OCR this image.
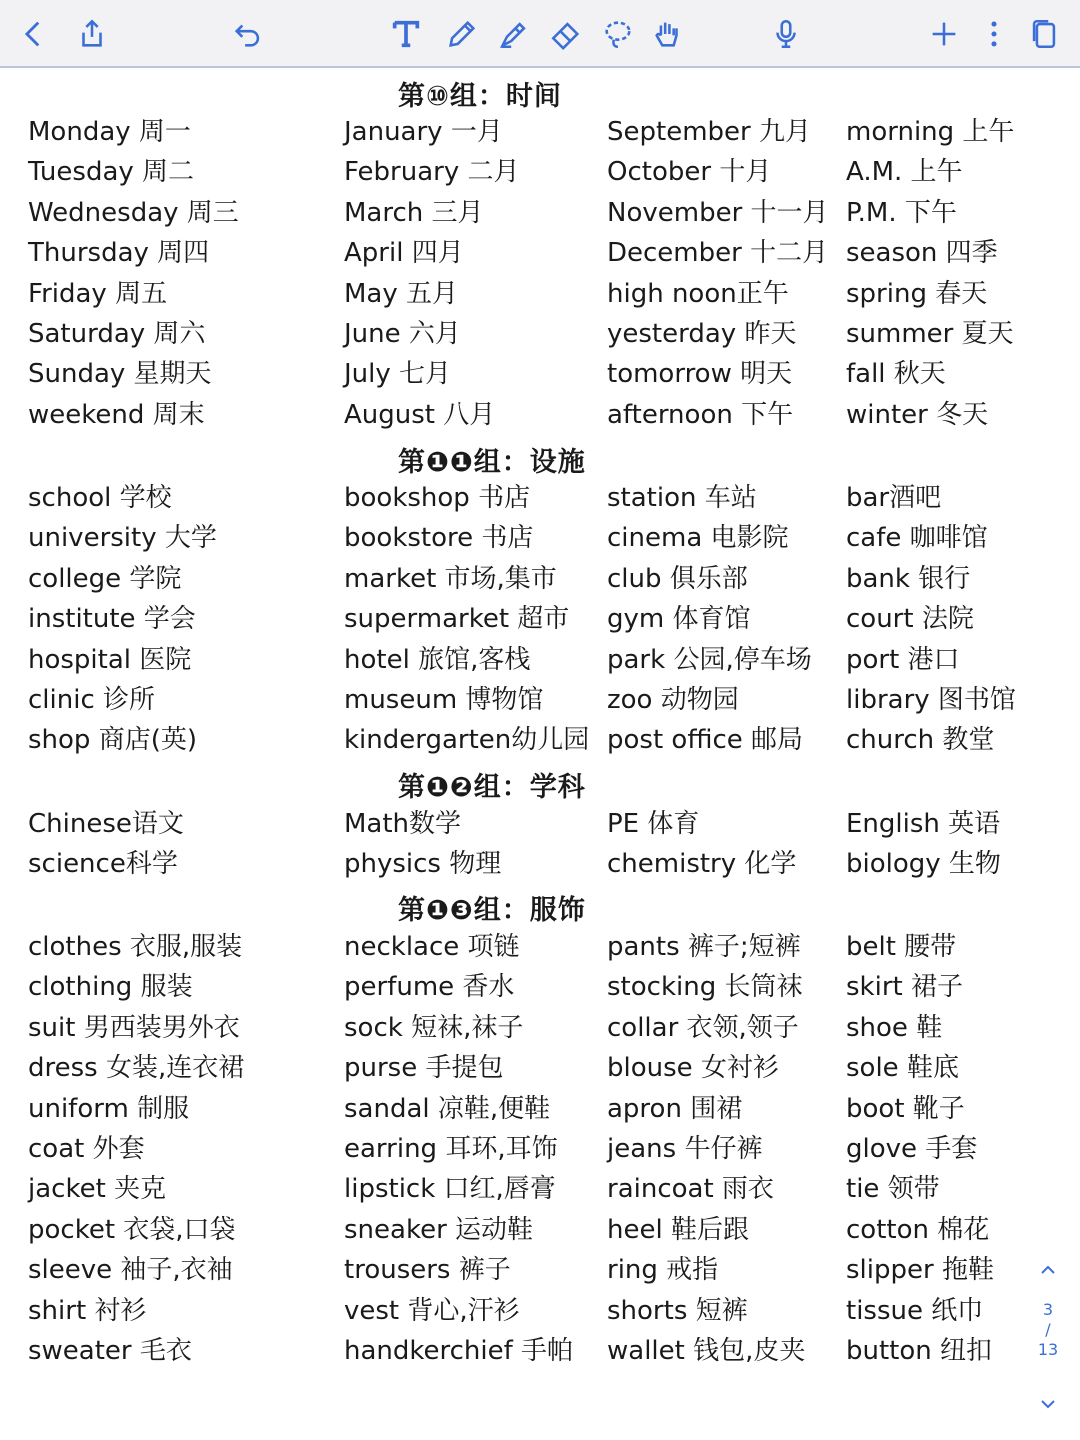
第⑩组：时间
Monday 周一
Tuesday 周二
Wednesday 周三
Thursday 周四
Friday 周五
Saturday 周六
Sunday 星期天
weekend 周末
January 一月
February 二月
March 三月
April 四月
May 五月
June 六月
July 七月
August 八月
September 九月
October 十月
November 十一月
December 十二月
high noon正午
yesterday 昨天
tomorrow 明天
afternoon 下午
morning 上午
A.M. 上午
P.M. 下午
season 四季
spring 春天
summer 夏天
fall 秋天
winter 冬天
第❶❶组：设施
school 学校
university 大学
college 学院
institute 学会
hospital 医院
clinic 诊所
shop 商店(英)
bookshop 书店
bookstore 书店
market 市场,集市
supermarket 超市
hotel 旅馆,客栈
museum 博物馆
kindergarten幼儿园
station 车站
cinema 电影院
club 俱乐部
gym 体育馆
park 公园,停车场
zoo 动物园
post office 邮局
bar酒吧
cafe 咖啡馆
bank 银行
court 法院
port 港口
library 图书馆
church 教堂
第❶❷组：学科
Chinese语文
science科学
Math数学
physics 物理
PE 体育
chemistry 化学
English 英语
biology 生物
第❶❸组：服饰
clothes 衣服,服装
clothing 服装
suit 男西装男外衣
dress 女装,连衣裙
uniform 制服
coat 外套
jacket 夹克
pocket 衣袋,口袋
sleeve 袖子,衣袖
shirt 衬衫
sweater 毛衣
necklace 项链
perfume 香水
sock 短袜,袜子
purse 手提包
sandal 凉鞋,便鞋
earring 耳环,耳饰
lipstick 口红,唇膏
sneaker 运动鞋
trousers 裤子
vest 背心,汗衫
handkerchief 手帕
pants 裤子;短裤
stocking 长筒袜
collar 衣领,领子
blouse 女衬衫
apron 围裙
jeans 牛仔裤
raincoat 雨衣
heel 鞋后跟
ring 戒指
shorts 短裤
wallet 钱包,皮夹
belt 腰带
skirt 裙子
shoe 鞋
sole 鞋底
boot 靴子
glove 手套
tie 领带
cotton 棉花
slipper 拖鞋
tissue 纸巾
button 纽扣
3
/
13
